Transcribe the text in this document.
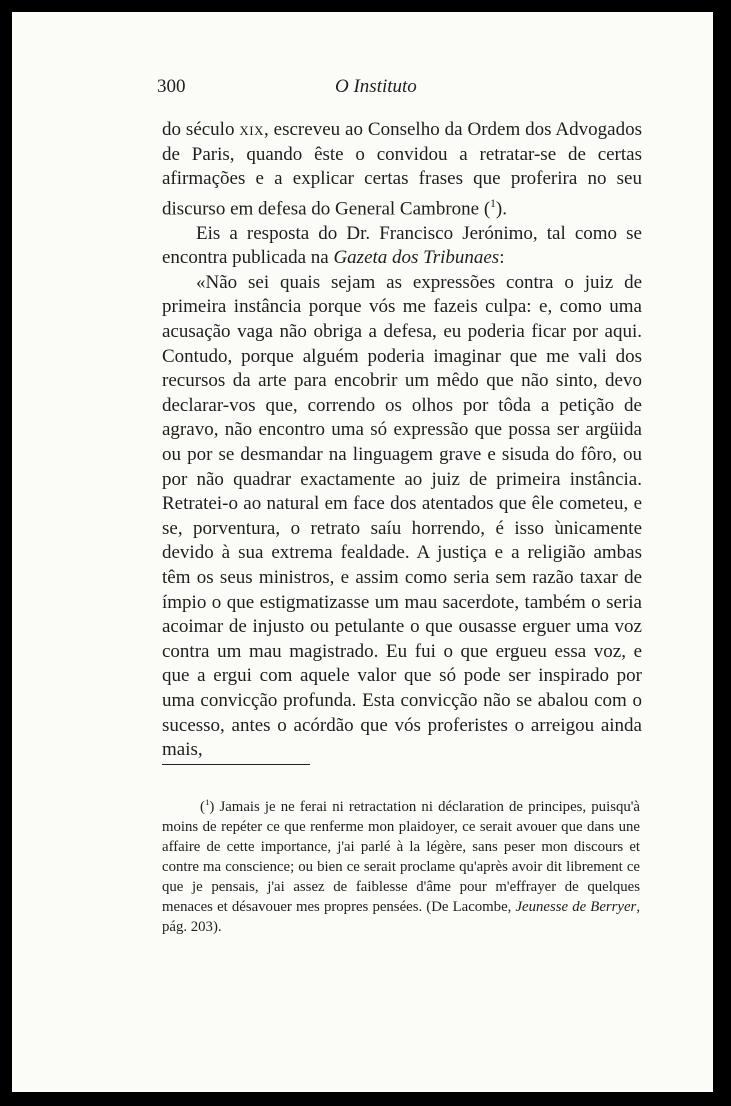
300	O Instituto

do século xix, escreveu ao Conselho da Ordem dos Advogados de Paris, quando êste o convidou a retratar-se de certas afirmações e a explicar certas frases que proferira no seu discurso em defesa do General Cambrone ($^1$).

Eis a resposta do Dr. Francisco Jerónimo, tal como se encontra publicada na Gazeta dos Tribunaes:

«Não sei quais sejam as expressões contra o juiz de primeira instância porque vós me fazeis culpa: e, como uma acusação vaga não obriga a defesa, eu poderia ficar por aqui. Contudo, porque alguém poderia imaginar que me vali dos recursos da arte para encobrir um mêdo que não sinto, devo declarar-vos que, correndo os olhos por tôda a petição de agravo, não encontro uma só expressão que possa ser argüida ou por se desmandar na linguagem grave e sisuda do fôro, ou por não quadrar exactamente ao juiz de primeira instância. Retratei-o ao natural em face dos atentados que êle cometeu, e se, porventura, o retrato saíu horrendo, é isso ùnicamente devido à sua extrema fealdade. A justiça e a religião ambas têm os seus ministros, e assim como seria sem razão taxar de ímpio o que estigmatizasse um mau sacerdote, também o seria acoimar de injusto ou petulante o que ousasse erguer uma voz contra um mau magistrado. Eu fui o que ergueu essa voz, e que a ergui com aquele valor que só pode ser inspirado por uma convicção profunda. Esta convicção não se abalou com o sucesso, antes o acórdão que vós proferistes o arreigou ainda mais,

($^1$) Jamais je ne ferai ni retractation ni déclaration de principes, puisqu'à moins de repéter ce que renferme mon plaidoyer, ce serait avouer que dans une affaire de cette importance, j'ai parlé à la légère, sans peser mon discours et contre ma conscience; ou bien ce serait proclame qu'après avoir dit librement ce que je pensais, j'ai assez de faiblesse d'âme pour m'effrayer de quelques menaces et désavouer mes propres pensées. (De Lacombe, Jeunesse de Berryer, pág. 203).
